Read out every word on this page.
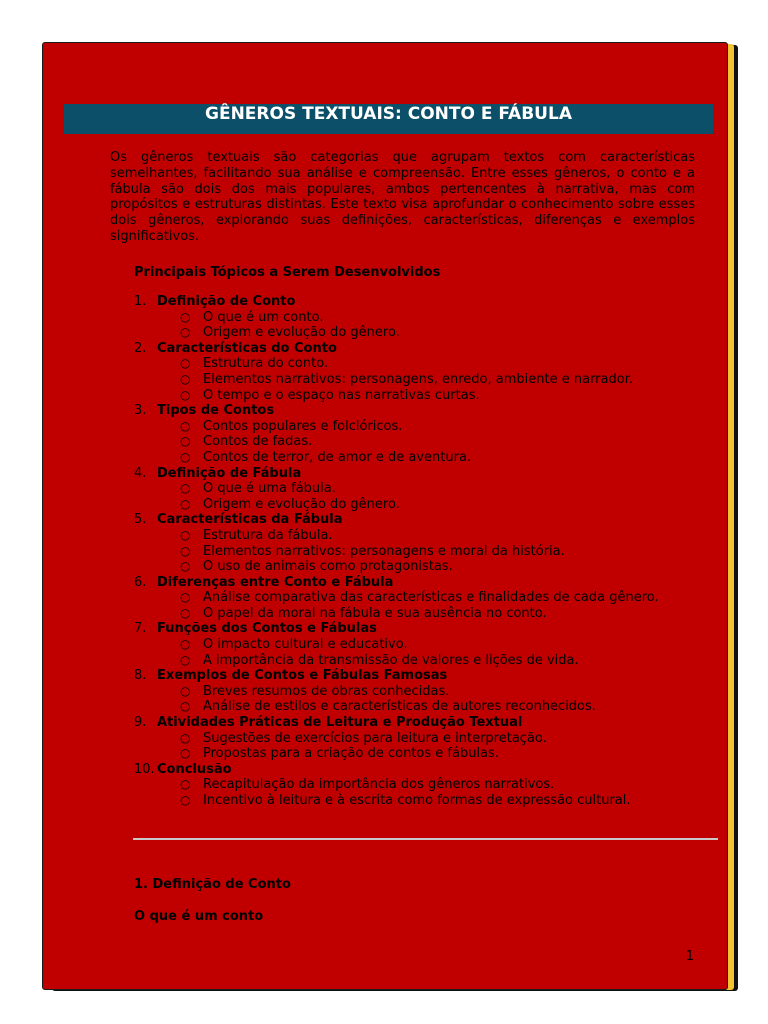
GÊNEROS TEXTUAIS: CONTO E FÁBULA

Os gêneros textuais são categorias que agrupam textos com características semelhantes, facilitando sua análise e compreensão. Entre esses gêneros, o conto e a fábula são dois dos mais populares, ambos pertencentes à narrativa, mas com propósitos e estruturas distintas. Este texto visa aprofundar o conhecimento sobre esses dois gêneros, explorando suas definições, características, diferenças e exemplos significativos.

Principais Tópicos a Serem Desenvolvidos

1. Definição de Conto
○ O que é um conto.
○ Origem e evolução do gênero.
2. Características do Conto
○ Estrutura do conto.
○ Elementos narrativos: personagens, enredo, ambiente e narrador.
○ O tempo e o espaço nas narrativas curtas.
3. Tipos de Contos
○ Contos populares e folclóricos.
○ Contos de fadas.
○ Contos de terror, de amor e de aventura.
4. Definição de Fábula
○ O que é uma fábula.
○ Origem e evolução do gênero.
5. Características da Fábula
○ Estrutura da fábula.
○ Elementos narrativos: personagens e moral da história.
○ O uso de animais como protagonistas.
6. Diferenças entre Conto e Fábula
○ Análise comparativa das características e finalidades de cada gênero.
○ O papel da moral na fábula e sua ausência no conto.
7. Funções dos Contos e Fábulas
○ O impacto cultural e educativo.
○ A importância da transmissão de valores e lições de vida.
8. Exemplos de Contos e Fábulas Famosas
○ Breves resumos de obras conhecidas.
○ Análise de estilos e características de autores reconhecidos.
9. Atividades Práticas de Leitura e Produção Textual
○ Sugestões de exercícios para leitura e interpretação.
○ Propostas para a criação de contos e fábulas.
10. Conclusão
○ Recapitulação da importância dos gêneros narrativos.
○ Incentivo à leitura e à escrita como formas de expressão cultural.

1. Definição de Conto

O que é um conto

1
